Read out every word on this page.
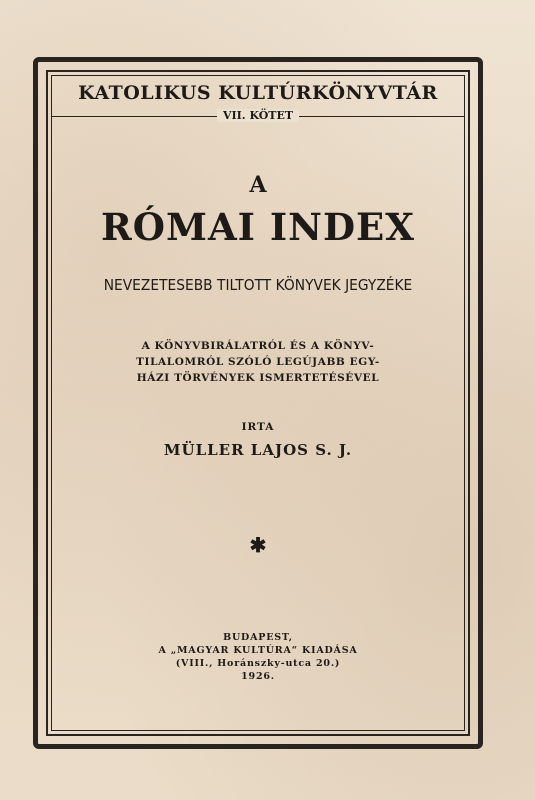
KATOLIKUS KULTÚRKÖNYVTÁR
VII. KÖTET
A
RÓMAI INDEX
NEVEZETESEBB TILTOTT KÖNYVEK JEGYZÉKE
A KÖNYVBIRÁLATRÓL ÉS A KÖNYV-
TILALOMRÓL SZÓLÓ LEGÚJABB EGY-
HÁZI TÖRVÉNYEK ISMERTETÉSÉVEL
IRTA
MÜLLER LAJOS S. J.
✱
BUDAPEST,
A „MAGYAR KULTÚRA“ KIADÁSA
(VIII., Horánszky-utca 20.)
1926.
